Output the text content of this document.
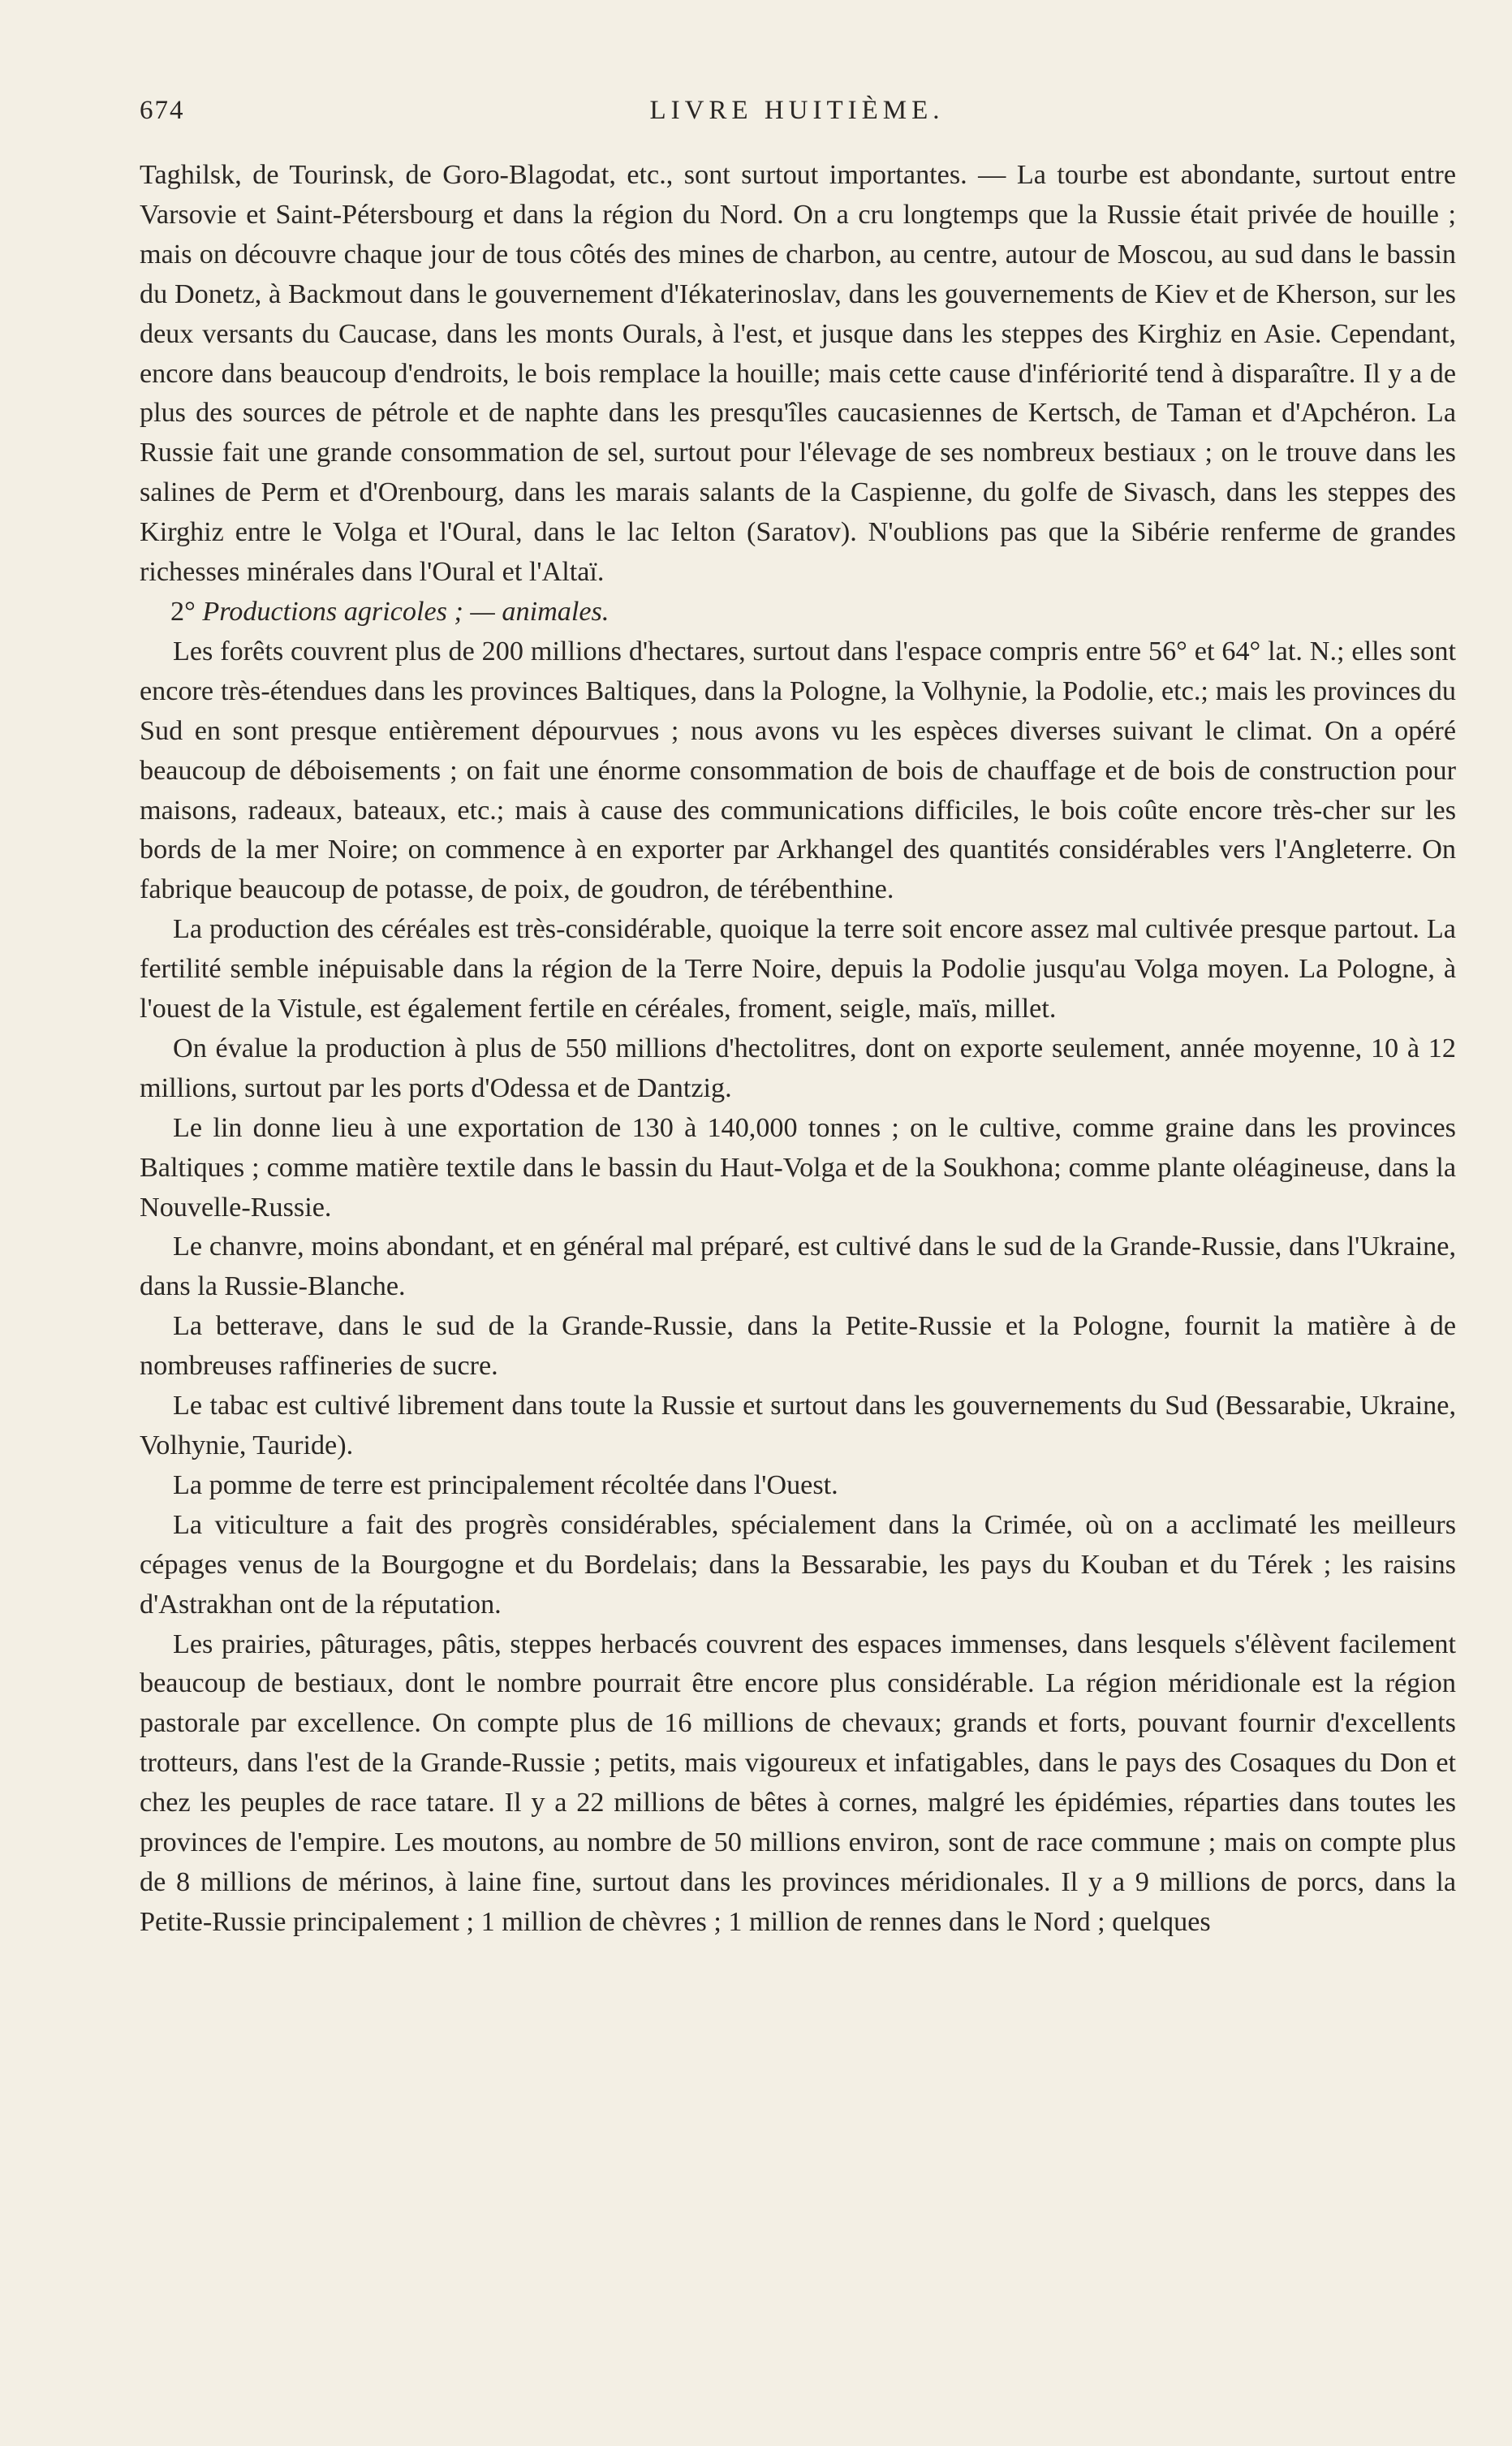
674	LIVRE HUITIÈME.

Taghilsk, de Tourinsk, de Goro-Blagodat, etc., sont surtout importantes. — La tourbe est abondante, surtout entre Varsovie et Saint-Pétersbourg et dans la région du Nord. On a cru longtemps que la Russie était privée de houille ; mais on découvre chaque jour de tous côtés des mines de charbon, au centre, autour de Moscou, au sud dans le bassin du Donetz, à Backmout dans le gouvernement d'Iékaterinoslav, dans les gouvernements de Kiev et de Kherson, sur les deux versants du Caucase, dans les monts Ourals, à l'est, et jusque dans les steppes des Kirghiz en Asie. Cependant, encore dans beaucoup d'endroits, le bois remplace la houille; mais cette cause d'infériorité tend à disparaître. Il y a de plus des sources de pétrole et de naphte dans les presqu'îles caucasiennes de Kertsch, de Taman et d'Apchéron. La Russie fait une grande consommation de sel, surtout pour l'élevage de ses nombreux bestiaux ; on le trouve dans les salines de Perm et d'Orenbourg, dans les marais salants de la Caspienne, du golfe de Sivasch, dans les steppes des Kirghiz entre le Volga et l'Oural, dans le lac Ielton (Saratov). N'oublions pas que la Sibérie renferme de grandes richesses minérales dans l'Oural et l'Altaï.

2° Productions agricoles ; — animales.

Les forêts couvrent plus de 200 millions d'hectares, surtout dans l'espace compris entre 56° et 64° lat. N.; elles sont encore très-étendues dans les provinces Baltiques, dans la Pologne, la Volhynie, la Podolie, etc.; mais les provinces du Sud en sont presque entièrement dépourvues ; nous avons vu les espèces diverses suivant le climat. On a opéré beaucoup de déboisements ; on fait une énorme consommation de bois de chauffage et de bois de construction pour maisons, radeaux, bateaux, etc.; mais à cause des communications difficiles, le bois coûte encore très-cher sur les bords de la mer Noire; on commence à en exporter par Arkhangel des quantités considérables vers l'Angleterre. On fabrique beaucoup de potasse, de poix, de goudron, de térébenthine.

La production des céréales est très-considérable, quoique la terre soit encore assez mal cultivée presque partout. La fertilité semble inépuisable dans la région de la Terre Noire, depuis la Podolie jusqu'au Volga moyen. La Pologne, à l'ouest de la Vistule, est également fertile en céréales, froment, seigle, maïs, millet.

On évalue la production à plus de 550 millions d'hectolitres, dont on exporte seulement, année moyenne, 10 à 12 millions, surtout par les ports d'Odessa et de Dantzig.

Le lin donne lieu à une exportation de 130 à 140,000 tonnes ; on le cultive, comme graine dans les provinces Baltiques ; comme matière textile dans le bassin du Haut-Volga et de la Soukhona; comme plante oléagineuse, dans la Nouvelle-Russie.

Le chanvre, moins abondant, et en général mal préparé, est cultivé dans le sud de la Grande-Russie, dans l'Ukraine, dans la Russie-Blanche.

La betterave, dans le sud de la Grande-Russie, dans la Petite-Russie et la Pologne, fournit la matière à de nombreuses raffineries de sucre.

Le tabac est cultivé librement dans toute la Russie et surtout dans les gouvernements du Sud (Bessarabie, Ukraine, Volhynie, Tauride).

La pomme de terre est principalement récoltée dans l'Ouest.

La viticulture a fait des progrès considérables, spécialement dans la Crimée, où on a acclimaté les meilleurs cépages venus de la Bourgogne et du Bordelais; dans la Bessarabie, les pays du Kouban et du Térek ; les raisins d'Astrakhan ont de la réputation.

Les prairies, pâturages, pâtis, steppes herbacés couvrent des espaces immenses, dans lesquels s'élèvent facilement beaucoup de bestiaux, dont le nombre pourrait être encore plus considérable. La région méridionale est la région pastorale par excellence. On compte plus de 16 millions de chevaux; grands et forts, pouvant fournir d'excellents trotteurs, dans l'est de la Grande-Russie ; petits, mais vigoureux et infatigables, dans le pays des Cosaques du Don et chez les peuples de race tatare. Il y a 22 millions de bêtes à cornes, malgré les épidémies, réparties dans toutes les provinces de l'empire. Les moutons, au nombre de 50 millions environ, sont de race commune ; mais on compte plus de 8 millions de mérinos, à laine fine, surtout dans les provinces méridionales. Il y a 9 millions de porcs, dans la Petite-Russie principalement ; 1 million de chèvres ; 1 million de rennes dans le Nord ; quelques
